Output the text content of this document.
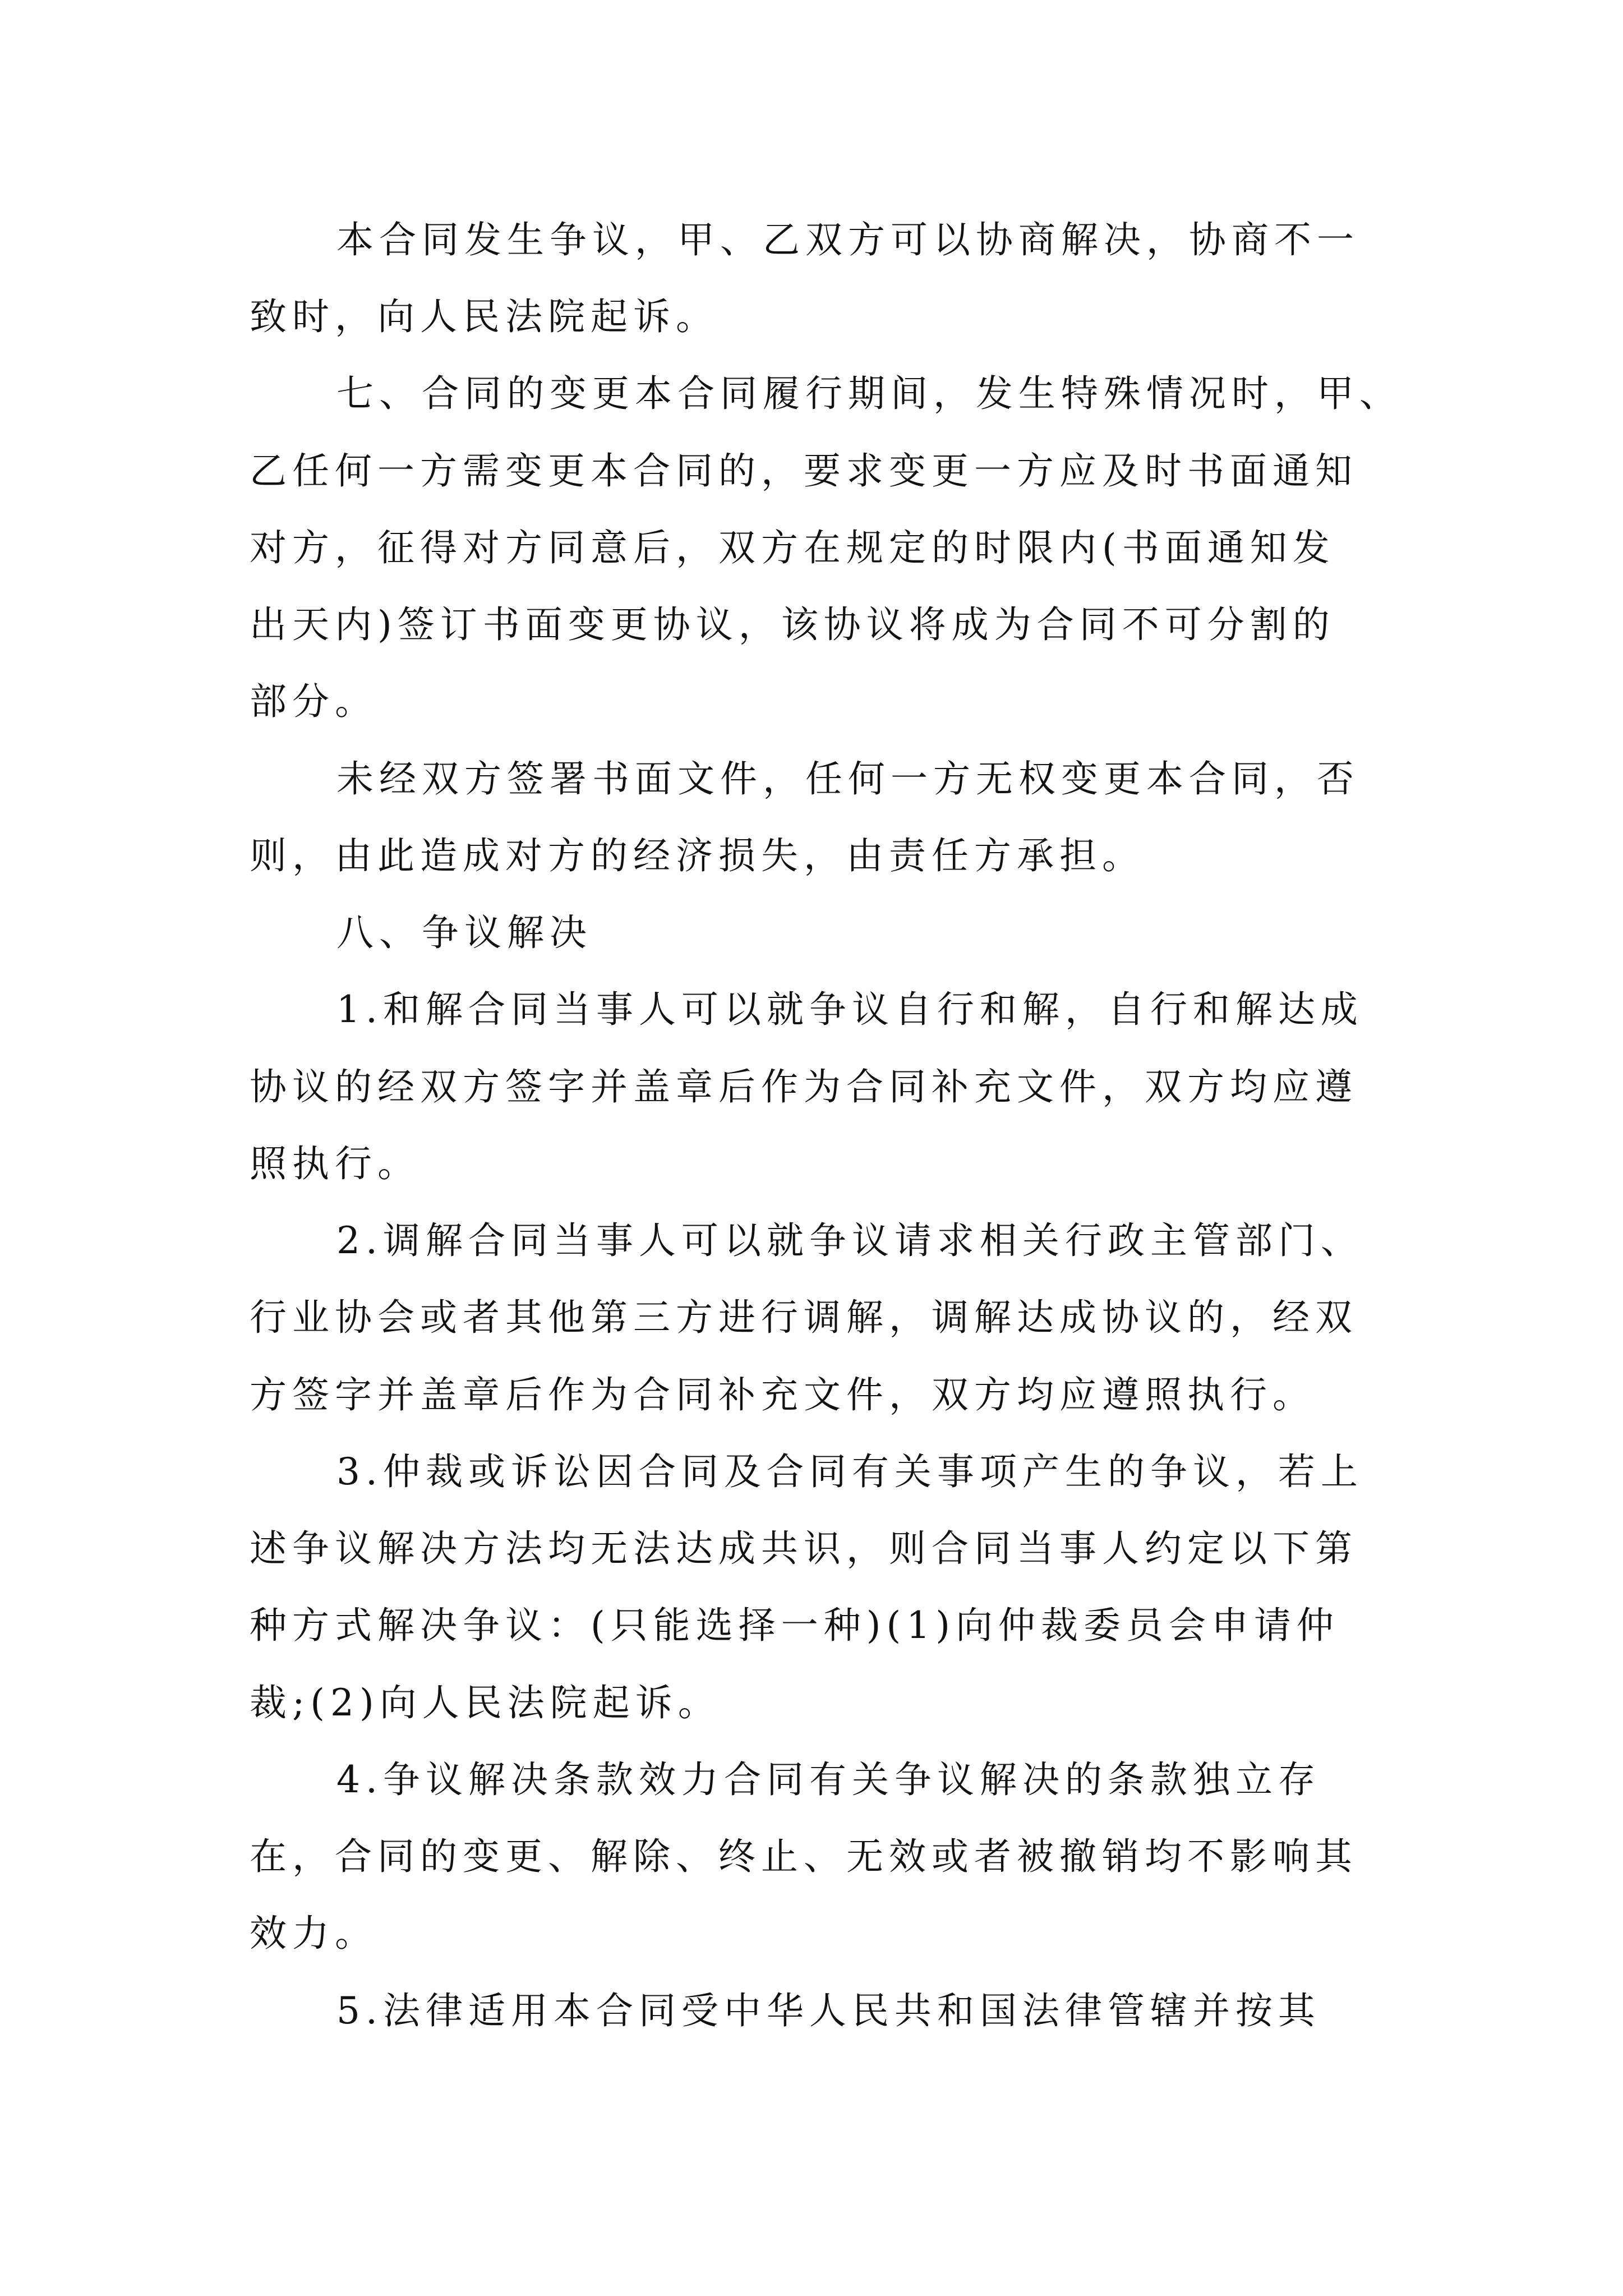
本合同发生争议，甲、乙双方可以协商解决，协商不一
致时，向人民法院起诉。
七、合同的变更本合同履行期间，发生特殊情况时，甲、
乙任何一方需变更本合同的，要求变更一方应及时书面通知
对方，征得对方同意后，双方在规定的时限内(书面通知发
出天内)签订书面变更协议，该协议将成为合同不可分割的
部分。
未经双方签署书面文件，任何一方无权变更本合同，否
则，由此造成对方的经济损失，由责任方承担。
八、争议解决
1.和解合同当事人可以就争议自行和解，自行和解达成
协议的经双方签字并盖章后作为合同补充文件，双方均应遵
照执行。
2.调解合同当事人可以就争议请求相关行政主管部门、
行业协会或者其他第三方进行调解，调解达成协议的，经双
方签字并盖章后作为合同补充文件，双方均应遵照执行。
3.仲裁或诉讼因合同及合同有关事项产生的争议，若上
述争议解决方法均无法达成共识，则合同当事人约定以下第
种方式解决争议：(只能选择一种)(1)向仲裁委员会申请仲
裁;(2)向人民法院起诉。
4.争议解决条款效力合同有关争议解决的条款独立存
在，合同的变更、解除、终止、无效或者被撤销均不影响其
效力。
5.法律适用本合同受中华人民共和国法律管辖并按其
